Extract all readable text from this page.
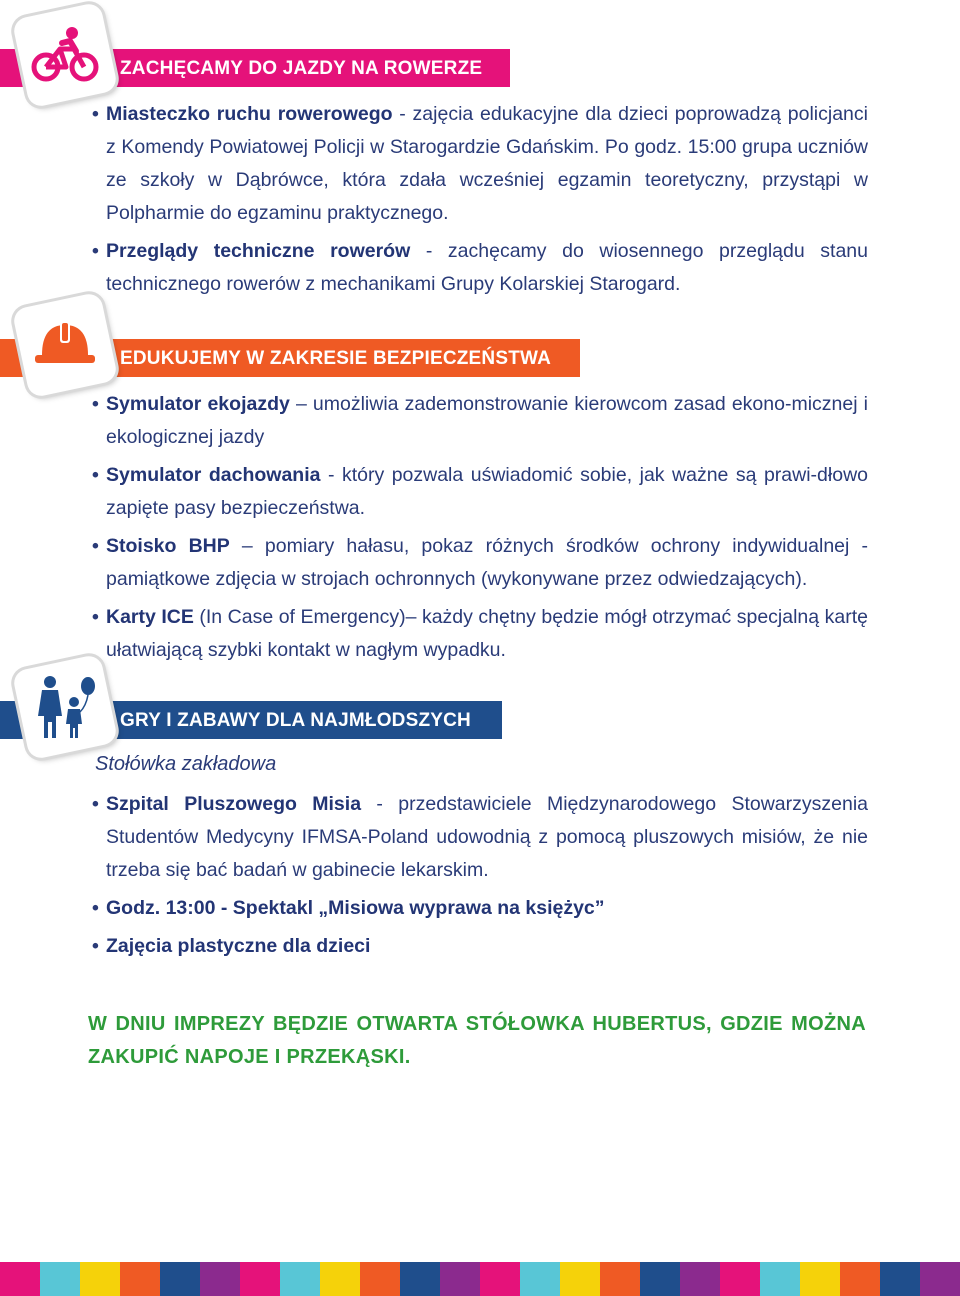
ZACHĘCAMY DO JAZDY NA ROWERZE
• Miasteczko ruchu rowerowego - zajęcia edukacyjne dla dzieci poprowadzą policjanci z Komendy Powiatowej Policji w Starogardzie Gdańskim. Po godz. 15:00 grupa uczniów ze szkoły w Dąbrówce, która zdała wcześniej egzamin teoretyczny, przystąpi w Polpharmie do egzaminu praktycznego.
• Przeglądy techniczne rowerów - zachęcamy do wiosennego przeglądu stanu technicznego rowerów z mechanikami Grupy Kolarskiej Starogard.
EDUKUJEMY W ZAKRESIE BEZPIECZEŃSTWA
• Symulator ekojazdy – umożliwia zademonstrowanie kierowcom zasad ekono-micznej i ekologicznej jazdy
• Symulator dachowania - który pozwala uświadomić sobie, jak ważne są prawi-dłowo zapięte pasy bezpieczeństwa.
• Stoisko BHP – pomiary hałasu, pokaz różnych środków ochrony indywidualnej - pamiątkowe zdjęcia w strojach ochronnych (wykonywane przez odwiedzających).
• Karty ICE (In Case of Emergency)– każdy chętny będzie mógł otrzymać specjalną kartę ułatwiającą szybki kontakt w nagłym wypadku.
GRY I ZABAWY DLA NAJMŁODSZYCH
Stołówka zakładowa
• Szpital Pluszowego Misia - przedstawiciele Międzynarodowego Stowarzyszenia Studentów Medycyny IFMSA-Poland udowodnią z pomocą pluszowych misiów, że nie trzeba się bać badań w gabinecie lekarskim.
• Godz. 13:00 - Spektakl „Misiowa wyprawa na księżyc”
• Zajęcia plastyczne dla dzieci
W DNIU IMPREZY BĘDZIE OTWARTA STÓŁOWKA HUBERTUS, GDZIE MOŻNA ZAKUPIĆ NAPOJE I PRZEKĄSKI.
